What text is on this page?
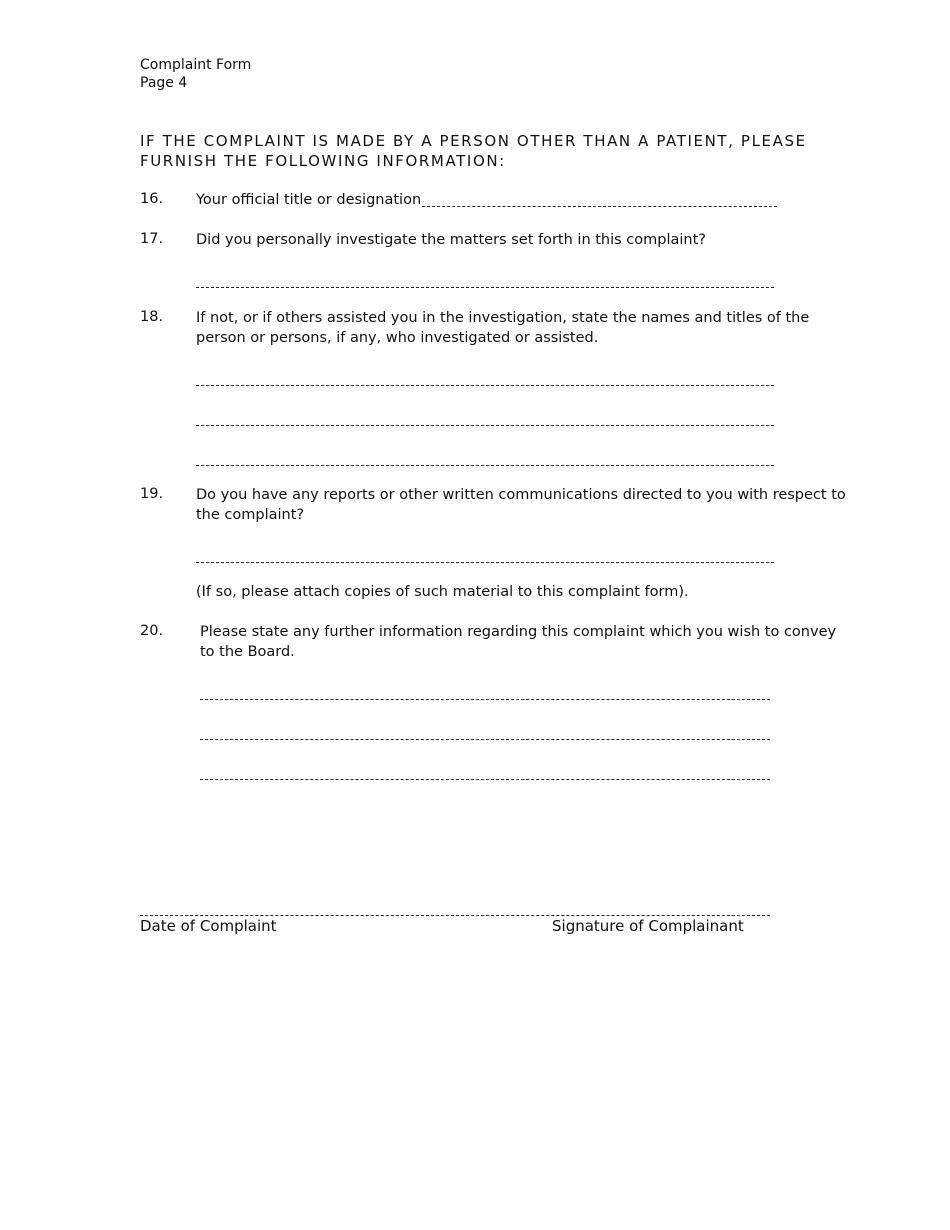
Complaint Form
Page 4
IF THE COMPLAINT IS MADE BY A PERSON OTHER THAN A PATIENT, PLEASE
FURNISH THE FOLLOWING INFORMATION:
16. Your official title or designation
17. Did you personally investigate the matters set forth in this complaint?
18. If not, or if others assisted you in the investigation, state the names and titles of the
person or persons, if any, who investigated or assisted.
19. Do you have any reports or other written communications directed to you with respect to
the complaint?
(If so, please attach copies of such material to this complaint form).
20.	Please state any further information regarding this complaint which you wish to convey
to the Board.
Date of Complaint	Signature of Complainant
